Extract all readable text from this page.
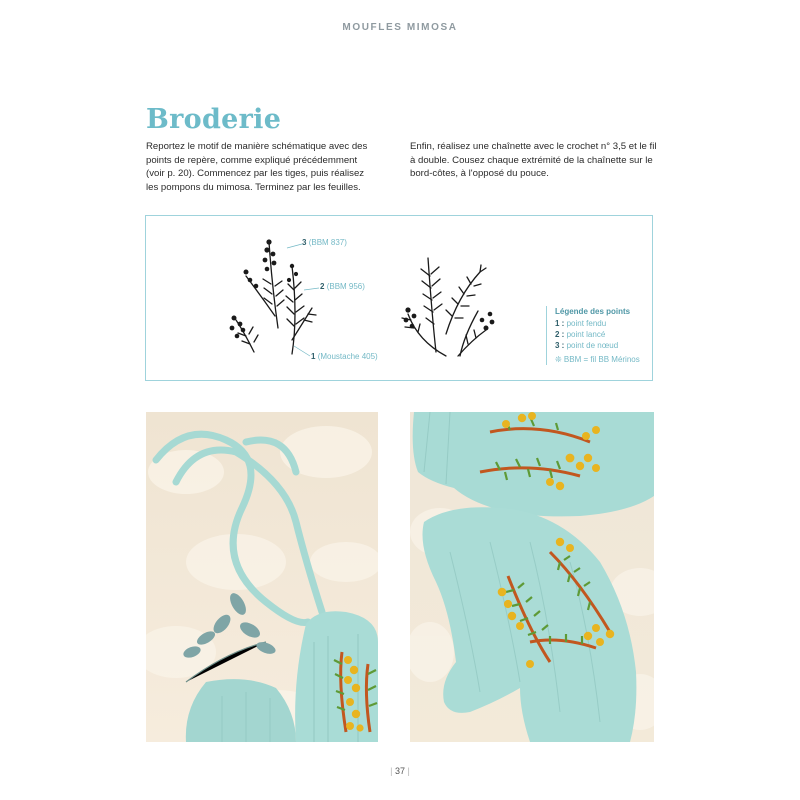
MOUFLES MIMOSA
Broderie

Reportez le motif de manière schématique avec des points de repère, comme expliqué précédemment (voir p. 20). Commencez par les tiges, puis réalisez les pompons du mimosa. Terminez par les feuilles.

Enfin, réalisez une chaînette avec le crochet n° 3,5 et le fil à double. Cousez chaque extrémité de la chaînette sur le bord-côtes, à l'opposé du pouce.

3 (BBM 837)
2 (BBM 956)
1 (Moustache 405)
Légende des points
1 : point fendu
2 : point lancé
3 : point de nœud
❊ BBM = fil BB Mérinos
| 37 |
